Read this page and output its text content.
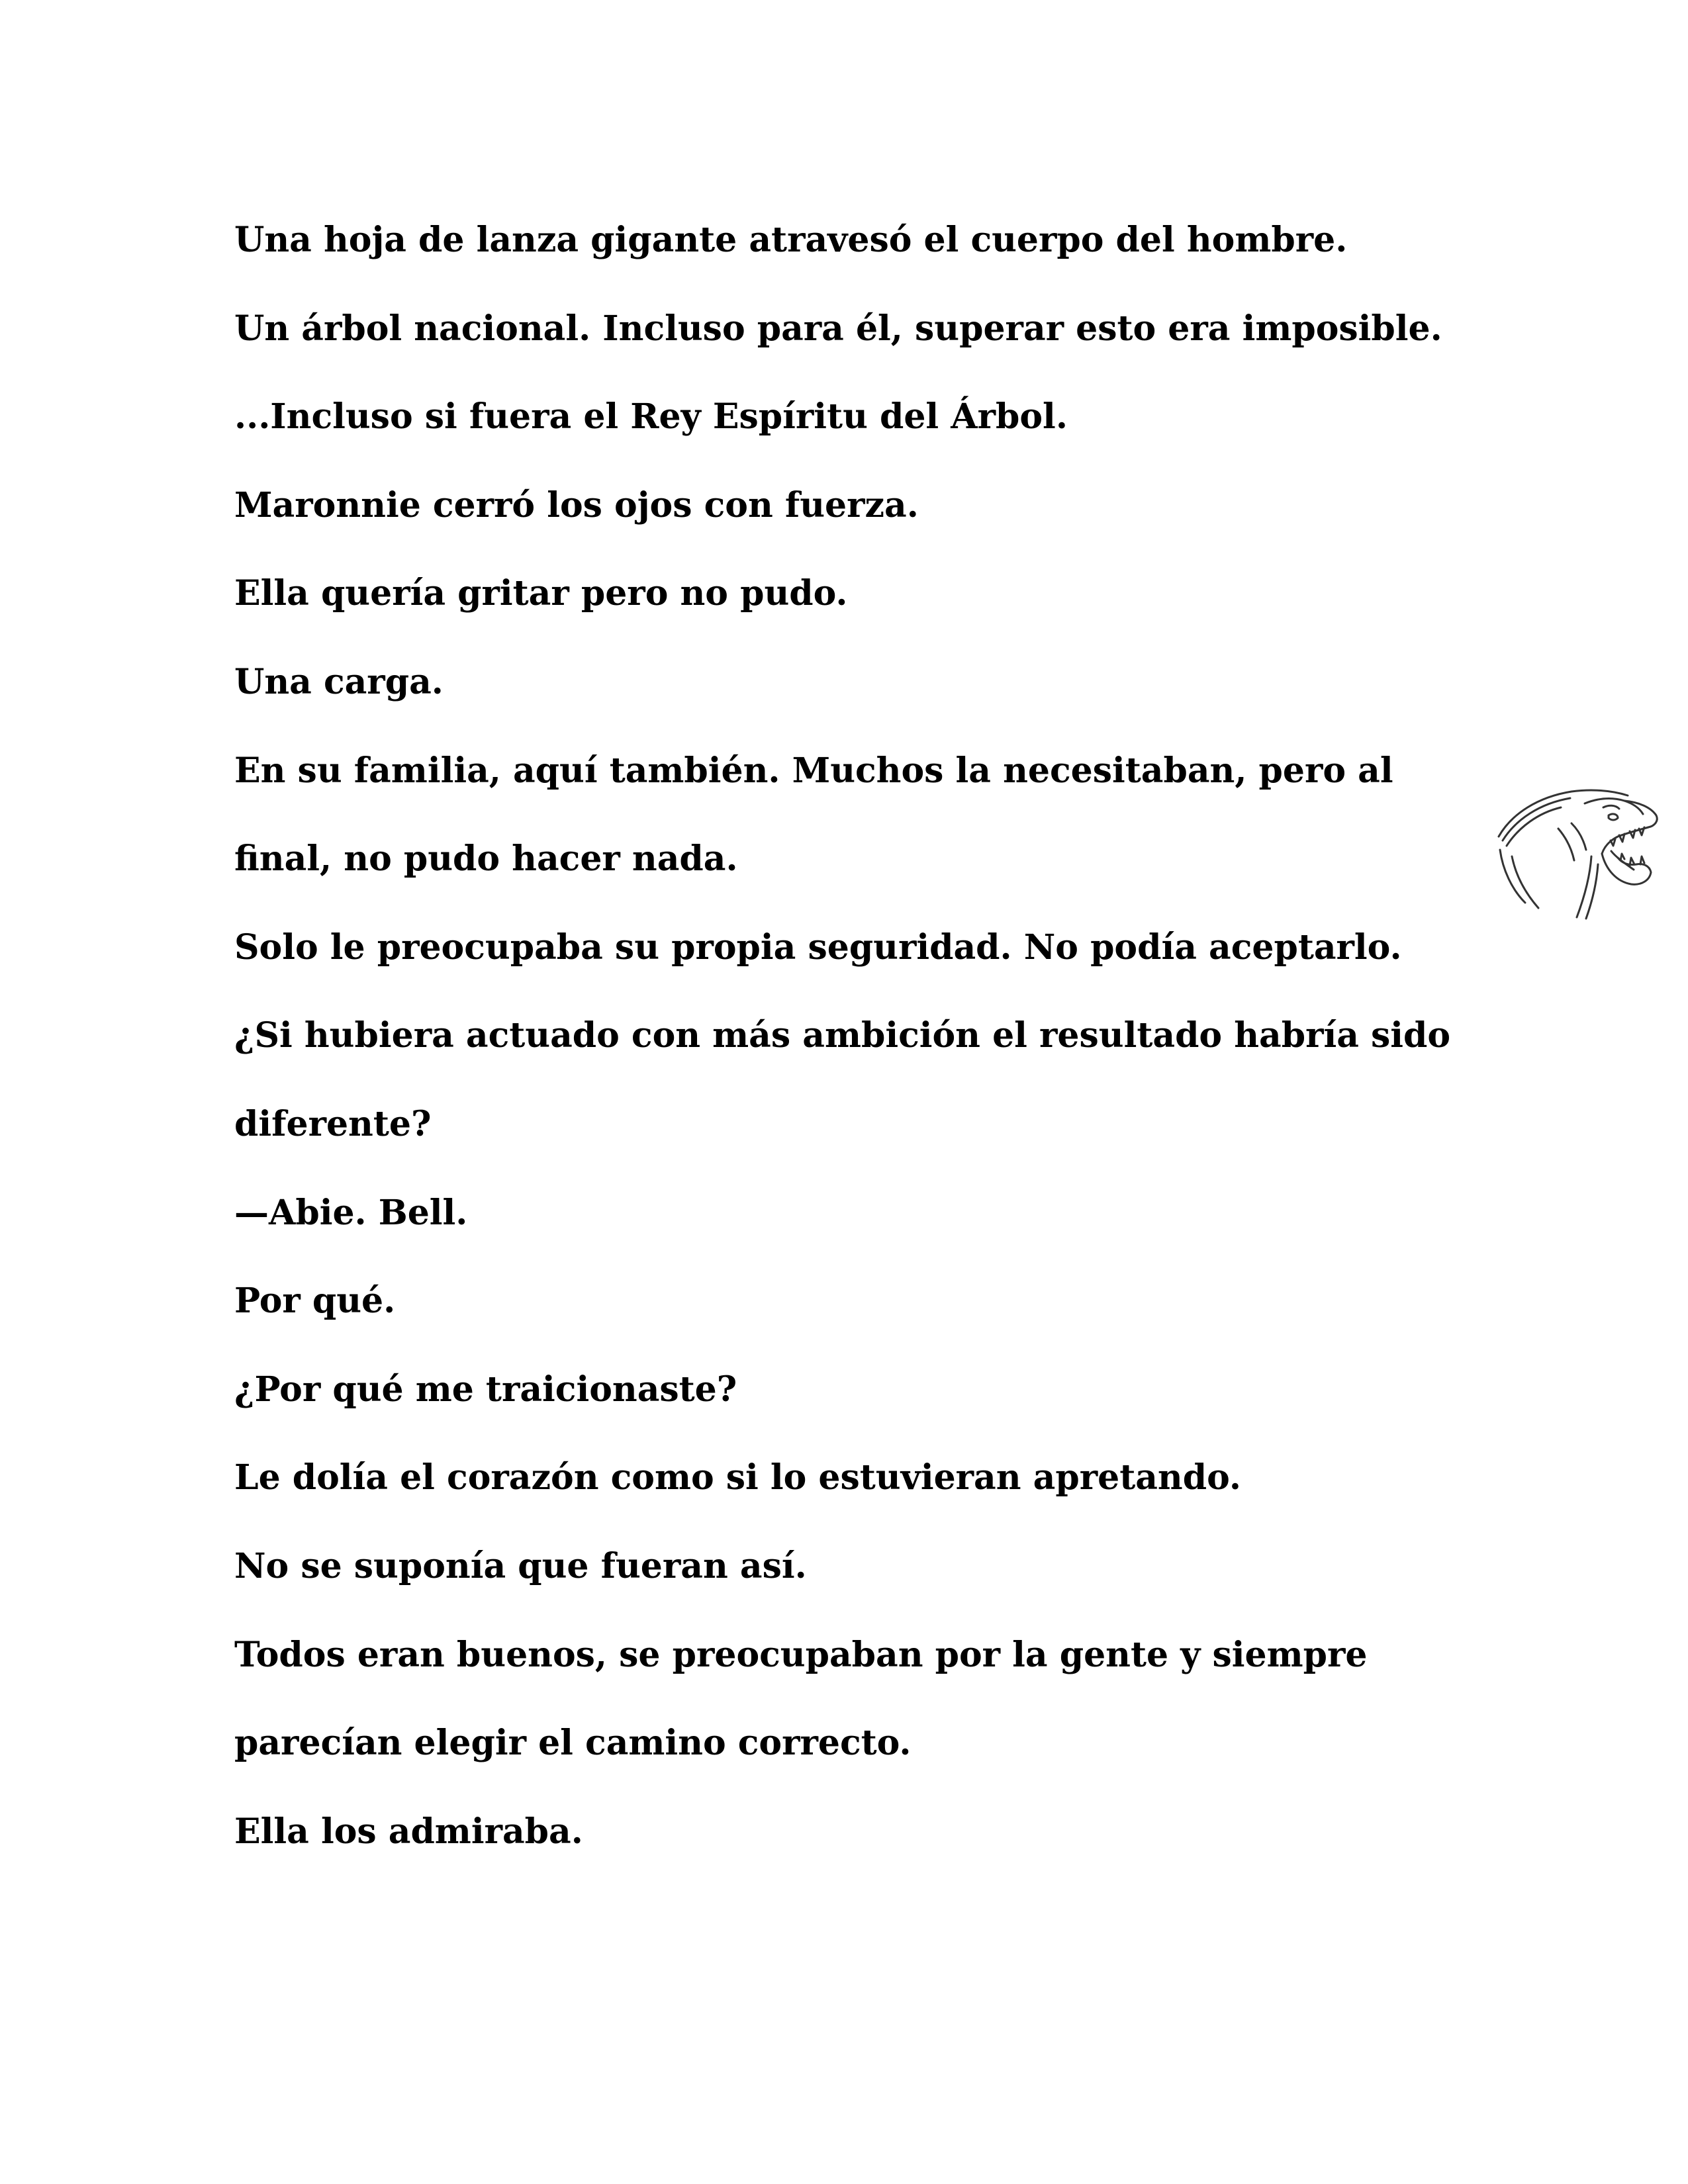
Una hoja de lanza gigante atravesó el cuerpo del hombre.

Un árbol nacional. Incluso para él, superar esto era imposible.

...Incluso si fuera el Rey Espíritu del Árbol.

Maronnie cerró los ojos con fuerza.

Ella quería gritar pero no pudo.

Una carga.

En su familia, aquí también. Muchos la necesitaban, pero al

final, no pudo hacer nada.

Solo le preocupaba su propia seguridad. No podía aceptarlo.

¿Si hubiera actuado con más ambición el resultado habría sido

diferente?

—Abie. Bell.

Por qué.

¿Por qué me traicionaste?

Le dolía el corazón como si lo estuvieran apretando.

No se suponía que fueran así.

Todos eran buenos, se preocupaban por la gente y siempre

parecían elegir el camino correcto.

Ella los admiraba.
